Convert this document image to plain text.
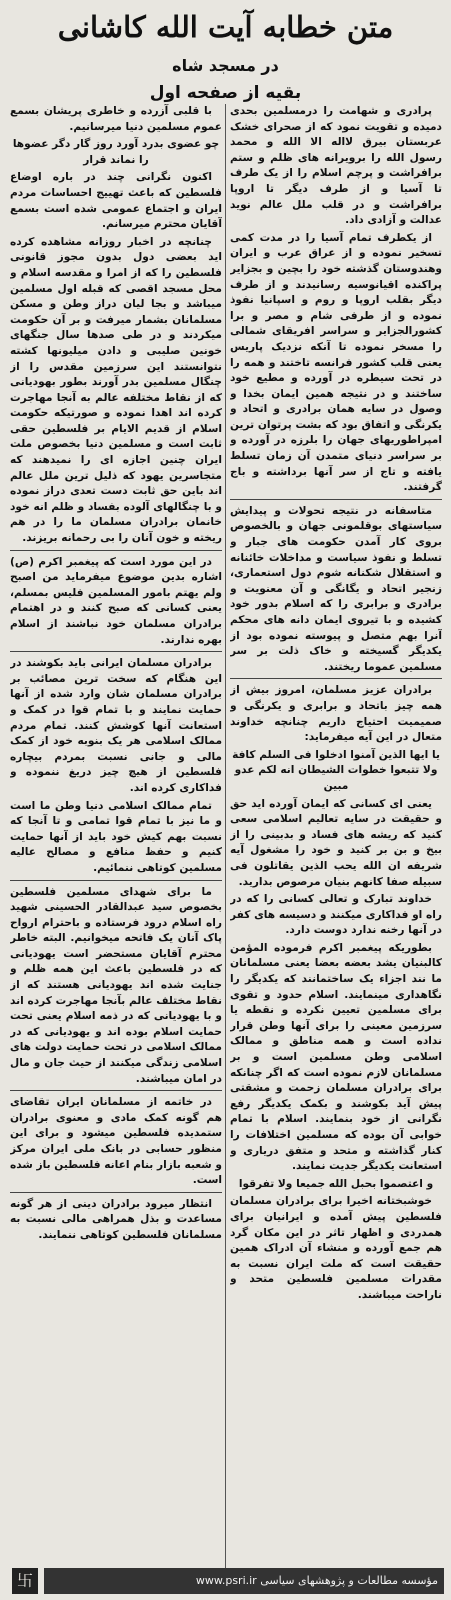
متن خطابه آیت الله کاشانی
در مسجد شاه
بقیه از صفحه اول

پرادری و شهامت را درمسلمین بحدی دمیده و تقویت نمود که از صحرای خشک عربستان بیرق لااله الا الله و محمد رسول الله را برویرانه های ظلم و ستم برافراشت و پرچم اسلام را از یک طرف تا آسیا و از طرف دیگر تا اروپا برافراشت و در قلب ملل عالم نوید عدالت و آزادی داد.

از یکطرف تمام آسیا را در مدت کمی تسخیر نموده و از عراق عرب و ایران وهندوستان گذشته خود را بچین و بجزایر پراکنده اقیانوسیه رسانیدند و از طرف دیگر بقلب اروپا و روم و اسپانیا نفوذ نموده و از طرفی شام و مصر و برا کشورالجزایر و سراسر افریقای شمالی را مسخر نموده تا آنکه نزدیک پاریس یعنی قلب کشور فرانسه تاختند و همه را در تحت سیطره در آورده و مطیع خود ساختند و در نتیجه همین ایمان بخدا و وصول در سایه همان برادری و اتحاد و یکرنگی و اتفاق بود که بشت پرتوان ترین امپراطوریهای جهان را بلرزه در آورده و بر سراسر دنیای متمدن آن زمان تسلط یافته و تاج از سر آنها برداشته و باج گرفتند.

متاسفانه در نتیجه تحولات و پیدایش سیاستهای بوقلمونی جهان و بالخصوص بروی کار آمدن حکومت های جبار و تسلط و نفوذ سیاست و مداخلات خائنانه و استقلال شکنانه شوم دول استعماری، زنجیر اتحاد و یگانگی و آن معنویت و برادری و برابری را که اسلام بدور خود کشیده و با تیروی ایمان دانه های محکم آنرا بهم متصل و پیوسته نموده بود از یکدیگر گسیخته و خاک ذلت بر سر مسلمین عموما ریختند.

برادران عزیز مسلمان، امروز بیش از همه چیز باتحاد و برابری و یکرنگی و صمیمیت احتیاج داریم چنانچه خداوند متعال در این آیه میفرماید:

یا ایها الذین آمنوا ادخلوا فی السلم کافة ولا تتبعوا خطوات الشیطان انه لکم عدو مبین

یعنی ای کسانی که ایمان آورده اید حق و حقیقت در سایه تعالیم اسلامی سعی کنید که ریشه های فساد و بدبینی را از بیخ و بن بر کنید و خود را مشغول آیه شریفه ان الله یحب الذین یقاتلون فی سبیله صفا کانهم بنیان مرصوص بدارید.

خداوند تبارک و تعالی کسانی را که در راه او فداکاری میکنند و دسیسه های کفر در آنها رخنه ندارد دوست دارد.

بطوریکه پیغمبر اکرم فرموده المؤمن کالبنیان یشد بعضه بعضا یعنی مسلمانان ما نند اجزاء یک ساختمانند که یکدیگر را نگاهداری مینمایند. اسلام حدود و تقوی برای مسلمین تعیین نکرده و نقطه یا سرزمین معینی را برای آنها وطن قرار نداده است و همه مناطق و ممالک اسلامی وطن مسلمین است و بر مسلمانان لازم نموده است که اگر چنانکه برای برادران مسلمان زحمت و مشقتی پیش آید بکوشند و بکمک یکدیگر رفع نگرانی از خود بنمایند. اسلام با تمام خوابی آن بوده که مسلمین اختلافات را کنار گذاشته و متحد و متفق دریاری و استعانت یکدیگر جدیت نمایند.

و اعتصموا بحبل الله جمیعا ولا تفرقوا

خوشبختانه اخیرا برای برادران مسلمان فلسطین پیش آمده و ایرانیان برای همدردی و اظهار تاثر در این مکان گرد هم جمع آورده و منشاء آن ادراک همین حقیقت است که ملت ایران نسبت به مقدرات مسلمین فلسطین متحد و ناراحت میباشند.

با قلبی آزرده و خاطری پریشان بسمع عموم مسلمین دنیا میرسانیم.

چو عضوی بدرد آورد روز گار دگر عضوها را نماند قرار

اکنون نگرانی چند در باره اوضاع فلسطین که باعث تهییج احساسات مردم ایران و اجتماع عمومی شده است بسمع آقایان محترم میرسانم.

چنانچه در اخبار روزانه مشاهده کرده اید بعضی دول بدون مجوز قانونی فلسطین را که از امرا و مقدسه اسلام و محل مسجد اقصی که قبله اول مسلمین میباشد و بجا لیان دراز وطن و مسکن مسلمانان بشمار میرفت و بر آن حکومت میکردند و در طی صدها سال جنگهای خونین صلیبی و دادن میلیونها کشته نتوانستند این سرزمین مقدس را از چنگال مسلمین بدر آورند بطور بهودیانی که از نقاط مختلفه عالم به آنجا مهاجرت کرده اند اهدا نموده و صورتیکه حکومت اسلام از قدیم الایام بر فلسطین حقی ثابت است و مسلمین دنیا بخصوص ملت ایران چنین اجازه ای را نمیدهند که متجاسرین یهود که ذلیل ترین ملل عالم اند باین حق ثابت دست تعدی دراز نموده و با چنگالهای آلوده بفساد و ظلم انه خود خانمان برادران مسلمان ما را در هم ریخته و خون آنان را بی رحمانه بریزند.

در این مورد است که پیغمبر اکرم (ص) اشاره بدین موضوع میفرماید من اصبح ولم یهتم بامور المسلمین فلیس بمسلم، یعنی کسانی که صبح کنند و در اهتمام برادران مسلمان خود نباشند از اسلام بهره ندارند.

برادران مسلمان ایرانی باید بکوشند در این هنگام که سخت ترین مصائب بر برادران مسلمان شان وارد شده از آنها حمایت نمایند و با تمام قوا در کمک و استعانت آنها کوشش کنند. تمام مردم ممالک اسلامی هر یک بنوبه خود از کمک مالی و جانی نسبت بمردم بیچاره فلسطین از هیچ چیز دریغ ننموده و فداکاری کرده اند.

تمام ممالک اسلامی دنیا وطن ما است و ما نیز با تمام قوا تمامی و تا آنجا که نسبت بهم کیش خود باید از آنها حمایت کنیم و حفظ منافع و مصالح عالیه مسلمین کوتاهی ننمائیم.

ما برای شهدای مسلمین فلسطین بخصوص سید عبدالقادر الحسینی شهید راه اسلام درود فرستاده و باحترام ارواح پاک آنان یک فاتحه میخوانیم. البته خاطر محترم آقایان مستحضر است یهودیانی که در فلسطین باعث این همه ظلم و جنایت شده اند یهودیانی هستند که از نقاط مختلف عالم بآنجا مهاجرت کرده اند و با یهودیانی که در ذمه اسلام یعنی تحت حمایت اسلام بوده اند و یهودیانی که در ممالک اسلامی در تحت حمایت دولت های اسلامی زندگی میکنند از حیث جان و مال در امان میباشند.

در خاتمه از مسلمانان ایران تقاضای هم گونه کمک مادی و معنوی برادران ستمدیده فلسطین میشود و برای این منظور حسابی در بانک ملی ایران مرکز و شعبه بازار بنام اعانه فلسطین باز شده است.

انتظار میرود برادران دینی از هر گونه مساعدت و بذل همراهی مالی نسبت به مسلمانان فلسطین کوتاهی ننمایند.

卐	مؤسسه مطالعات و پژوهشهای سیاسی www.psri.ir
